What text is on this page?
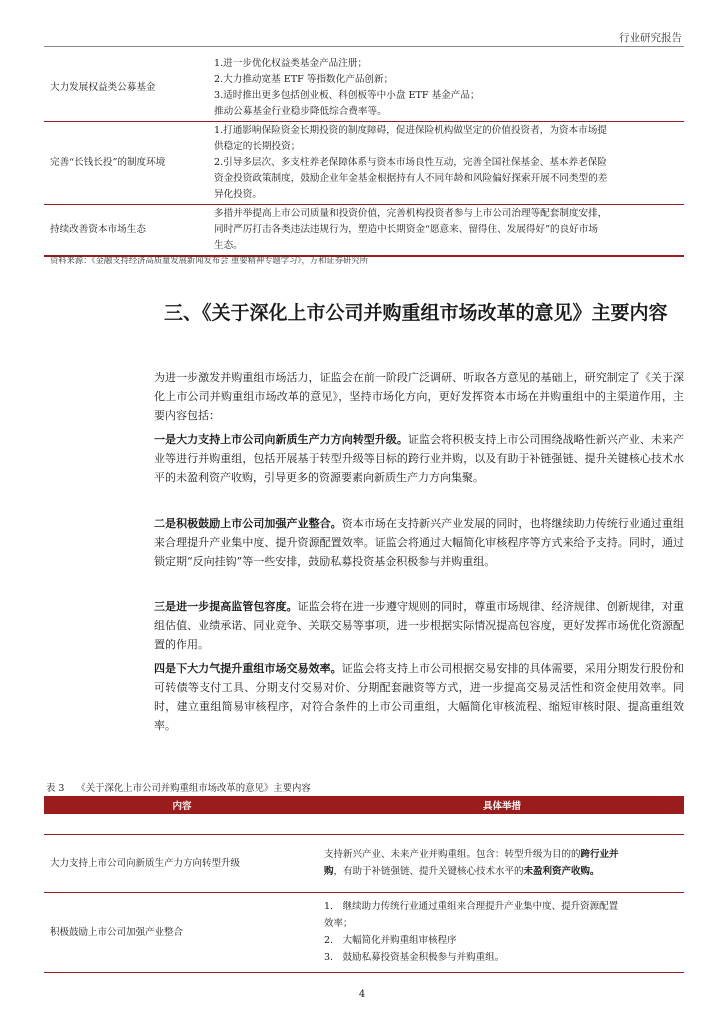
行业研究报告
大力发展权益类公募基金	1.进一步优化权益类基金产品注册；
2.大力推动宽基 ETF 等指数化产品创新；
3.适时推出更多包括创业板、科创板等中小盘 ETF 基金产品；
推动公募基金行业稳步降低综合费率等。

完善“长钱长投”的制度环境	1.打通影响保险资金长期投资的制度障碍，促进保险机构做坚定的价值投资者，为资本市场提
供稳定的长期投资；
2.引导多层次、多支柱养老保障体系与资本市场良性互动，完善全国社保基金、基本养老保险
资金投资政策制度，鼓励企业年金基金根据持有人不同年龄和风险偏好探索开展不同类型的差
异化投资。

持续改善资本市场生态	多措并举提高上市公司质量和投资价值，完善机构投资者参与上市公司治理等配套制度安排，
同时严厉打击各类违法违规行为，塑造中长期资金“愿意来、留得住、发展得好”的良好市场
生态。
资料来源：《金融支持经济高质量发展新闻发布会 重要精神专题学习》，万和证券研究所
三、《关于深化上市公司并购重组市场改革的意见》主要内容

为进一步激发并购重组市场活力，证监会在前一阶段广泛调研、听取各方意见的基础上，研究制定了《关于深化上市公司并购重组市场改革的意见》，坚持市场化方向，更好发挥资本市场在并购重组中的主渠道作用，主要内容包括：

一是大力支持上市公司向新质生产力方向转型升级。证监会将积极支持上市公司围绕战略性新兴产业、未来产业等进行并购重组，包括开展基于转型升级等目标的跨行业并购，以及有助于补链强链、提升关键核心技术水平的未盈利资产收购，引导更多的资源要素向新质生产力方向集聚。

二是积极鼓励上市公司加强产业整合。资本市场在支持新兴产业发展的同时，也将继续助力传统行业通过重组来合理提升产业集中度、提升资源配置效率。证监会将通过大幅简化审核程序等方式来给予支持。同时，通过锁定期“反向挂钩”等一些安排，鼓励私募投资基金积极参与并购重组。

三是进一步提高监管包容度。证监会将在进一步遵守规则的同时，尊重市场规律、经济规律、创新规律，对重组估值、业绩承诺、同业竞争、关联交易等事项，进一步根据实际情况提高包容度，更好发挥市场优化资源配置的作用。

四是下大力气提升重组市场交易效率。证监会将支持上市公司根据交易安排的具体需要，采用分期发行股份和可转债等支付工具、分期支付交易对价、分期配套融资等方式，进一步提高交易灵活性和资金使用效率。同时，建立重组简易审核程序，对符合条件的上市公司重组，大幅简化审核流程、缩短审核时限、提高重组效率。

表 3 《关于深化上市公司并购重组市场改革的意见》主要内容
内容	具体举措

大力支持上市公司向新质生产力方向转型升级	支持新兴产业、未来产业并购重组。包含：转型升级为目的的跨行业并
购，有助于补链强链、提升关键核心技术水平的未盈利资产收购。

积极鼓励上市公司加强产业整合	1.　继续助力传统行业通过重组来合理提升产业集中度、提升资源配置
效率；
2.　大幅简化并购重组审核程序
3.　鼓励私募投资基金积极参与并购重组。
4
